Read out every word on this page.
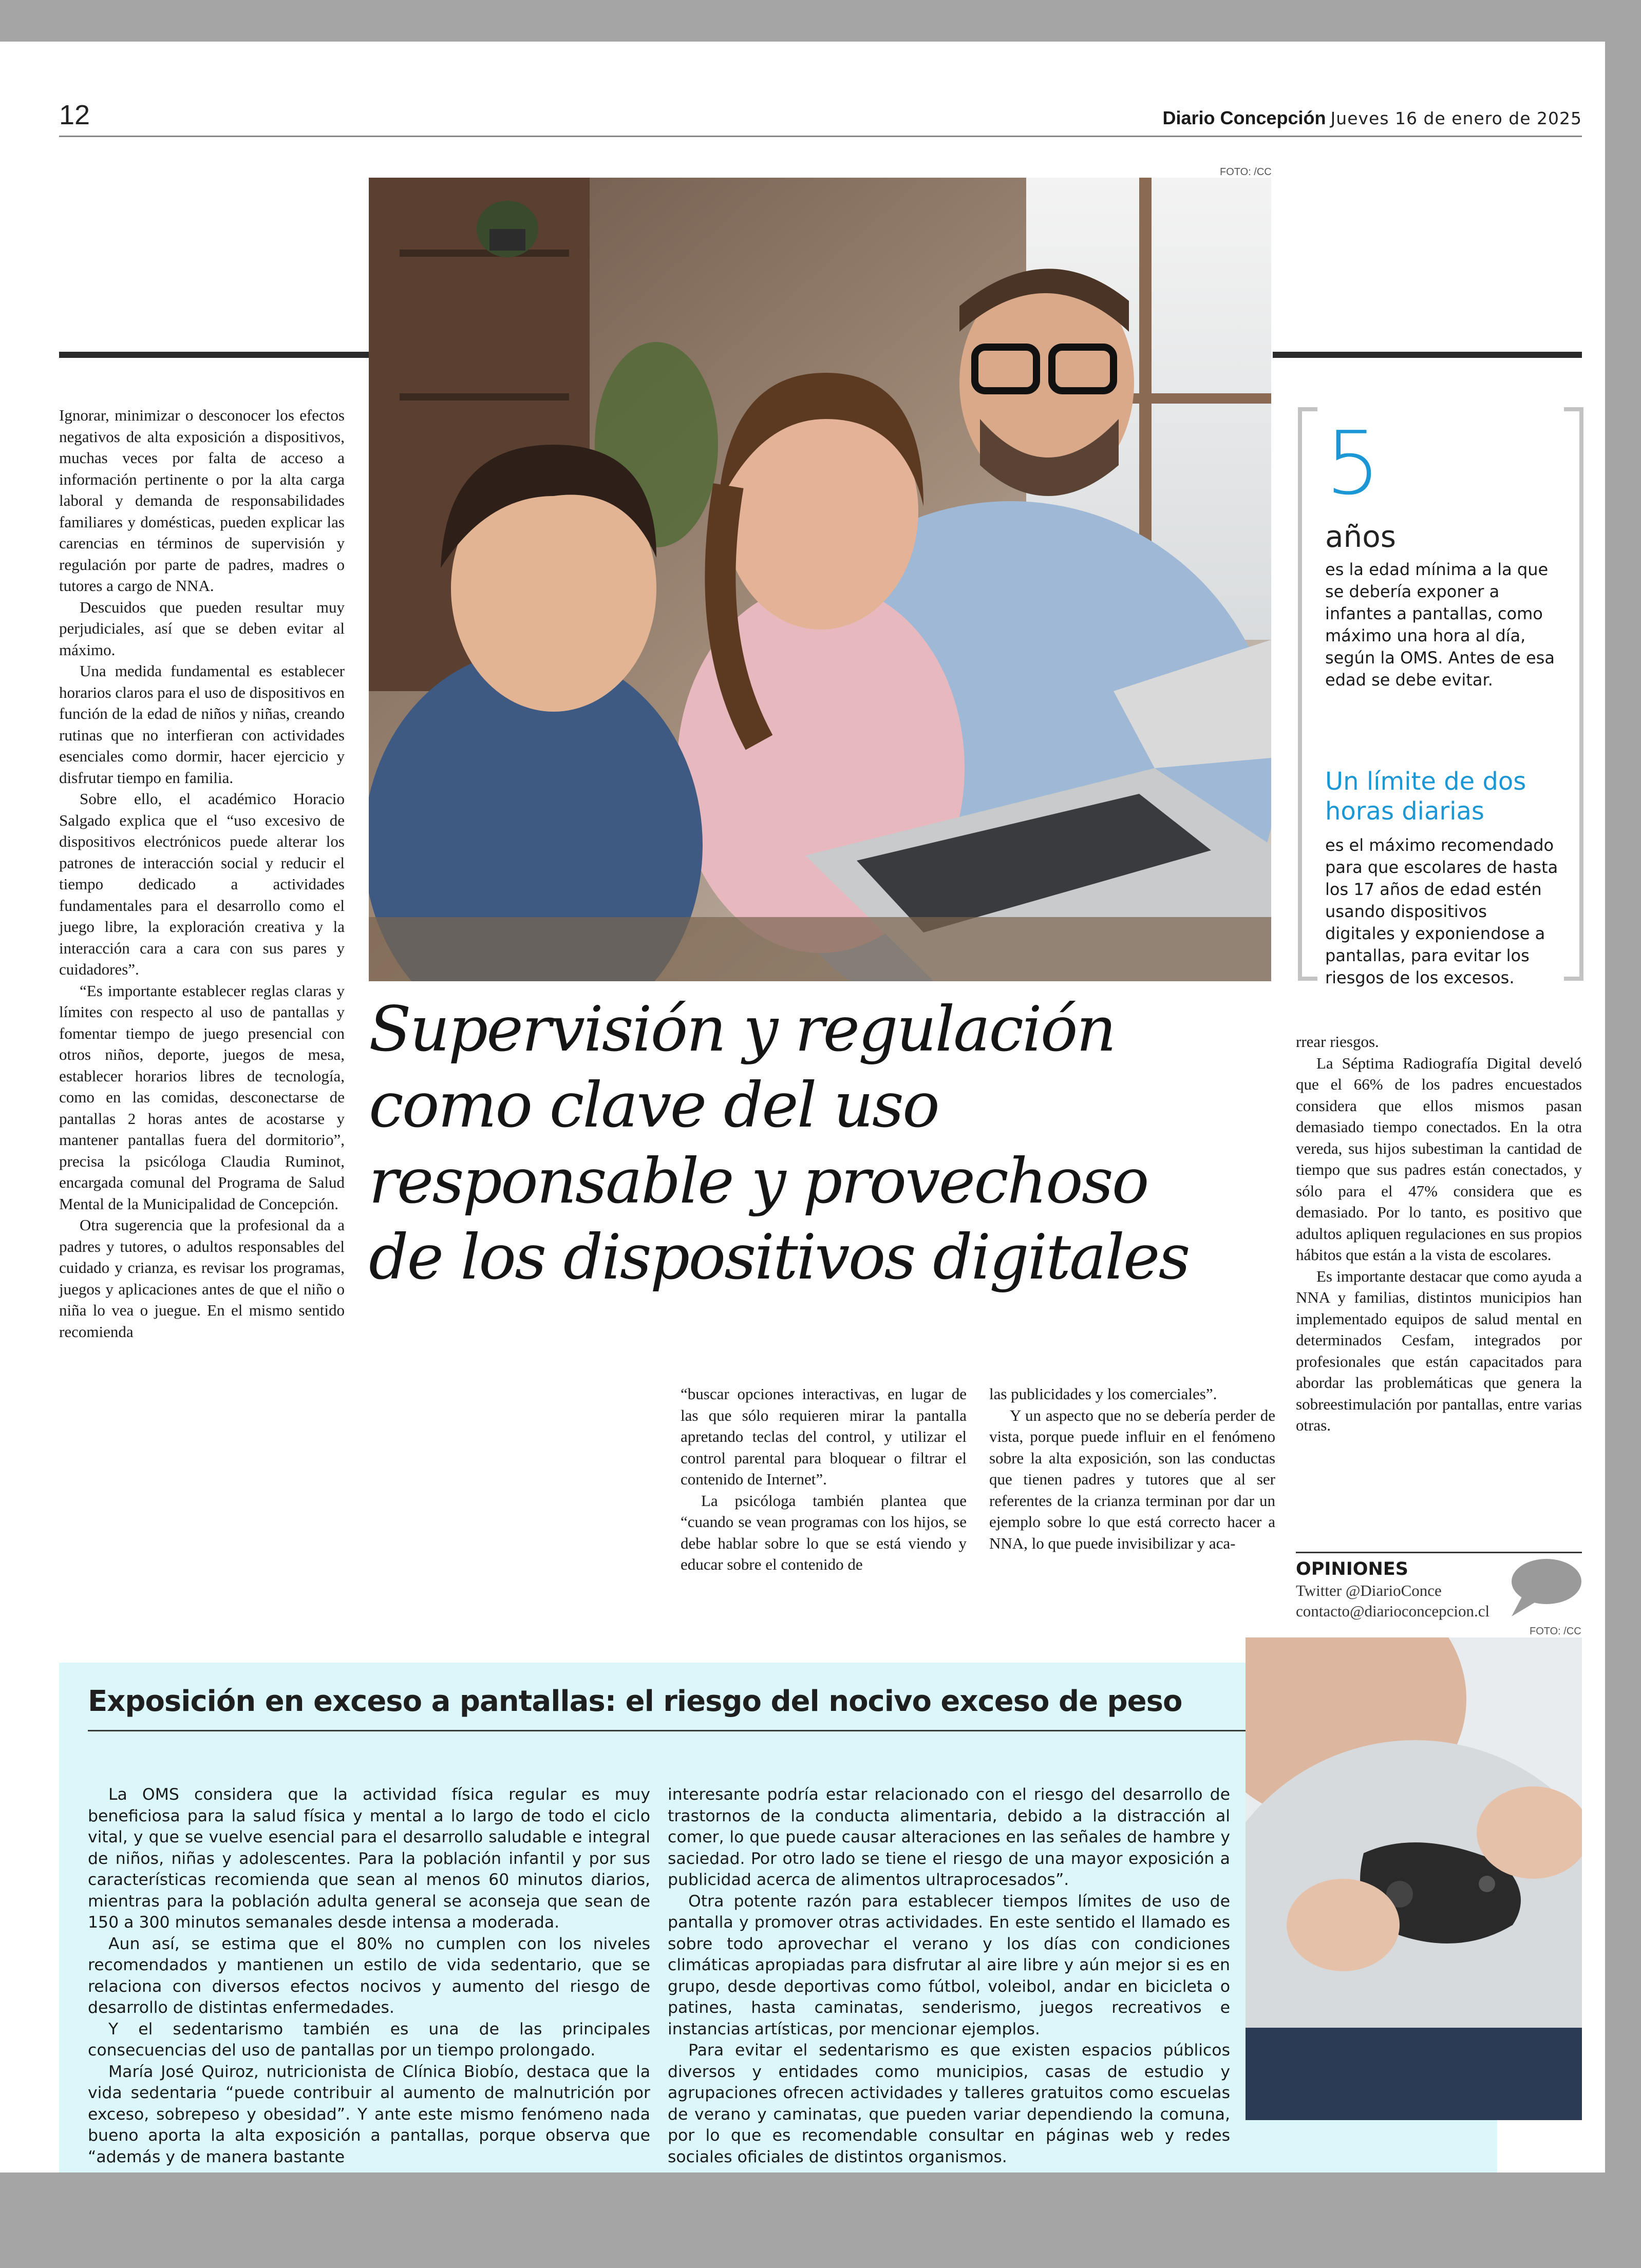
12	Diario Concepción Jueves 16 de enero de 2025
FOTO: /CC

Ignorar, minimizar o desconocer los efectos negativos de alta exposición a dispositivos, muchas veces por falta de acceso a información pertinente o por la alta carga laboral y demanda de responsabilidades familiares y domésticas, pueden explicar las carencias en términos de supervisión y regulación por parte de padres, madres o tutores a cargo de NNA.

Descuidos que pueden resultar muy perjudiciales, así que se deben evitar al máximo.

Una medida fundamental es establecer horarios claros para el uso de dispositivos en función de la edad de niños y niñas, creando rutinas que no interfieran con actividades esenciales como dormir, hacer ejercicio y disfrutar tiempo en familia.

Sobre ello, el académico Horacio Salgado explica que el “uso excesivo de dispositivos electrónicos puede alterar los patrones de interacción social y reducir el tiempo dedicado a actividades fundamentales para el desarrollo como el juego libre, la exploración creativa y la interacción cara a cara con sus pares y cuidadores”.

“Es importante establecer reglas claras y límites con respecto al uso de pantallas y fomentar tiempo de juego presencial con otros niños, deporte, juegos de mesa, establecer horarios libres de tecnología, como en las comidas, desconectarse de pantallas 2 horas antes de acostarse y mantener pantallas fuera del dormitorio”, precisa la psicóloga Claudia Ruminot, encargada comunal del Programa de Salud Mental de la Municipalidad de Concepción.

Otra sugerencia que la profesional da a padres y tutores, o adultos responsables del cuidado y crianza, es revisar los programas, juegos y aplicaciones antes de que el niño o niña lo vea o juegue. En el mismo sentido recomienda

Supervisión y regulación como clave del uso responsable y provechoso de los dispositivos digitales

“buscar opciones interactivas, en lugar de las que sólo requieren mirar la pantalla apretando teclas del control, y utilizar el control parental para bloquear o filtrar el contenido de Internet”.

La psicóloga también plantea que “cuando se vean programas con los hijos, se debe hablar sobre lo que se está viendo y educar sobre el contenido de

las publicidades y los comerciales”.

Y un aspecto que no se debería perder de vista, porque puede influir en el fenómeno sobre la alta exposición, son las conductas que tienen padres y tutores que al ser referentes de la crianza terminan por dar un ejemplo sobre lo que está correcto hacer a NNA, lo que puede invisibilizar y aca-

rrear riesgos.

La Séptima Radiografía Digital develó que el 66% de los padres encuestados considera que ellos mismos pasan demasiado tiempo conectados. En la otra vereda, sus hijos subestiman la cantidad de tiempo que sus padres están conectados, y sólo para el 47% considera que es demasiado. Por lo tanto, es positivo que adultos apliquen regulaciones en sus propios hábitos que están a la vista de escolares.

Es importante destacar que como ayuda a NNA y familias, distintos municipios han implementado equipos de salud mental en determinados Cesfam, integrados por profesionales que están capacitados para abordar las problemáticas que genera la sobreestimulación por pantallas, entre varias otras.

5
años
es la edad mínima a la que se debería exponer a infantes a pantallas, como máximo una hora al día, según la OMS. Antes de esa edad se debe evitar.
Un límite de dos horas diarias
es el máximo recomendado para que escolares de hasta los 17 años de edad estén usando dispositivos digitales y exponiendose a pantallas, para evitar los riesgos de los excesos.
OPINIONES
Twitter @DiarioConce
contacto@diarioconcepcion.cl
Exposición en exceso a pantallas: el riesgo del nocivo exceso de peso

La OMS considera que la actividad física regular es muy beneficiosa para la salud física y mental a lo largo de todo el ciclo vital, y que se vuelve esencial para el desarrollo saludable e integral de niños, niñas y adolescentes. Para la población infantil y por sus características recomienda que sean al menos 60 minutos diarios, mientras para la población adulta general se aconseja que sean de 150 a 300 minutos semanales desde intensa a moderada.

Aun así, se estima que el 80% no cumplen con los niveles recomendados y mantienen un estilo de vida sedentario, que se relaciona con diversos efectos nocivos y aumento del riesgo de desarrollo de distintas enfermedades.

Y el sedentarismo también es una de las principales consecuencias del uso de pantallas por un tiempo prolongado.

María José Quiroz, nutricionista de Clínica Biobío, destaca que la vida sedentaria “puede contribuir al aumento de malnutrición por exceso, sobrepeso y obesidad”. Y ante este mismo fenómeno nada bueno aporta la alta exposición a pantallas, porque observa que “además y de manera bastante

interesante podría estar relacionado con el riesgo del desarrollo de trastornos de la conducta alimentaria, debido a la distracción al comer, lo que puede causar alteraciones en las señales de hambre y saciedad. Por otro lado se tiene el riesgo de una mayor exposición a publicidad acerca de alimentos ultraprocesados”.

Otra potente razón para establecer tiempos límites de uso de pantalla y promover otras actividades. En este sentido el llamado es sobre todo aprovechar el verano y los días con condiciones climáticas apropiadas para disfrutar al aire libre y aún mejor si es en grupo, desde deportivas como fútbol, voleibol, andar en bicicleta o patines, hasta caminatas, senderismo, juegos recreativos e instancias artísticas, por mencionar ejemplos.

Para evitar el sedentarismo es que existen espacios públicos diversos y entidades como municipios, casas de estudio y agrupaciones ofrecen actividades y talleres gratuitos como escuelas de verano y caminatas, que pueden variar dependiendo la comuna, por lo que es recomendable consultar en páginas web y redes sociales oficiales de distintos organismos.

FOTO: /CC
